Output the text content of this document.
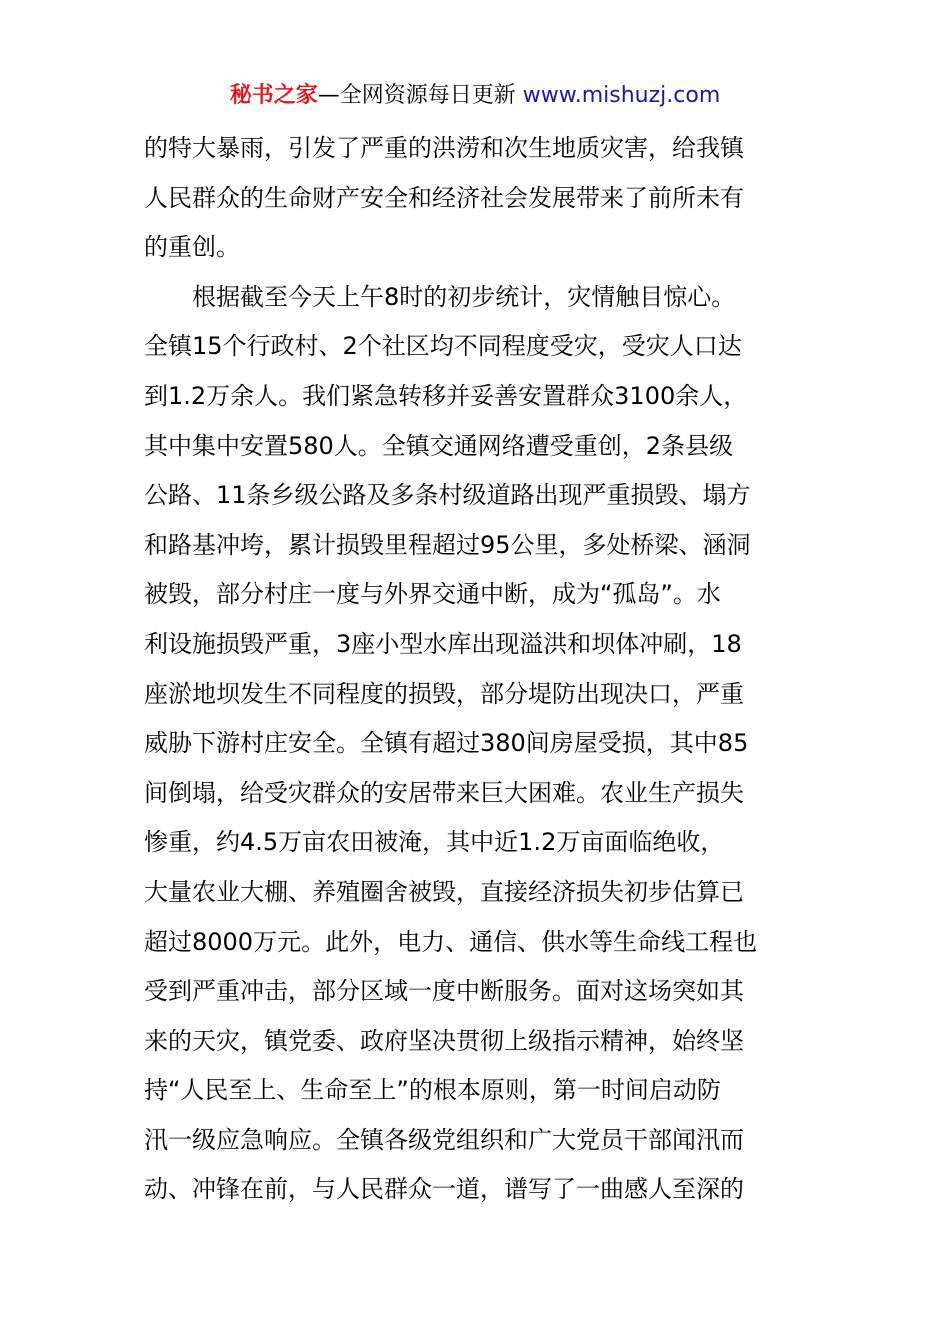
秘书之家—全网资源每日更新 www.mishuzj.com
的特大暴雨，引发了严重的洪涝和次生地质灾害，给我镇
人民群众的生命财产安全和经济社会发展带来了前所未有
的重创。
　　根据截至今天上午8时的初步统计，灾情触目惊心。
全镇15个行政村、2个社区均不同程度受灾，受灾人口达
到1.2万余人。我们紧急转移并妥善安置群众3100余人，
其中集中安置580人。全镇交通网络遭受重创，2条县级
公路、11条乡级公路及多条村级道路出现严重损毁、塌方
和路基冲垮，累计损毁里程超过95公里，多处桥梁、涵洞
被毁，部分村庄一度与外界交通中断，成为“孤岛”。水
利设施损毁严重，3座小型水库出现溢洪和坝体冲刷，18
座淤地坝发生不同程度的损毁，部分堤防出现决口，严重
威胁下游村庄安全。全镇有超过380间房屋受损，其中85
间倒塌，给受灾群众的安居带来巨大困难。农业生产损失
惨重，约4.5万亩农田被淹，其中近1.2万亩面临绝收，
大量农业大棚、养殖圈舍被毁，直接经济损失初步估算已
超过8000万元。此外，电力、通信、供水等生命线工程也
受到严重冲击，部分区域一度中断服务。面对这场突如其
来的天灾，镇党委、政府坚决贯彻上级指示精神，始终坚
持“人民至上、生命至上”的根本原则，第一时间启动防
汛一级应急响应。全镇各级党组织和广大党员干部闻汛而
动、冲锋在前，与人民群众一道，谱写了一曲感人至深的
